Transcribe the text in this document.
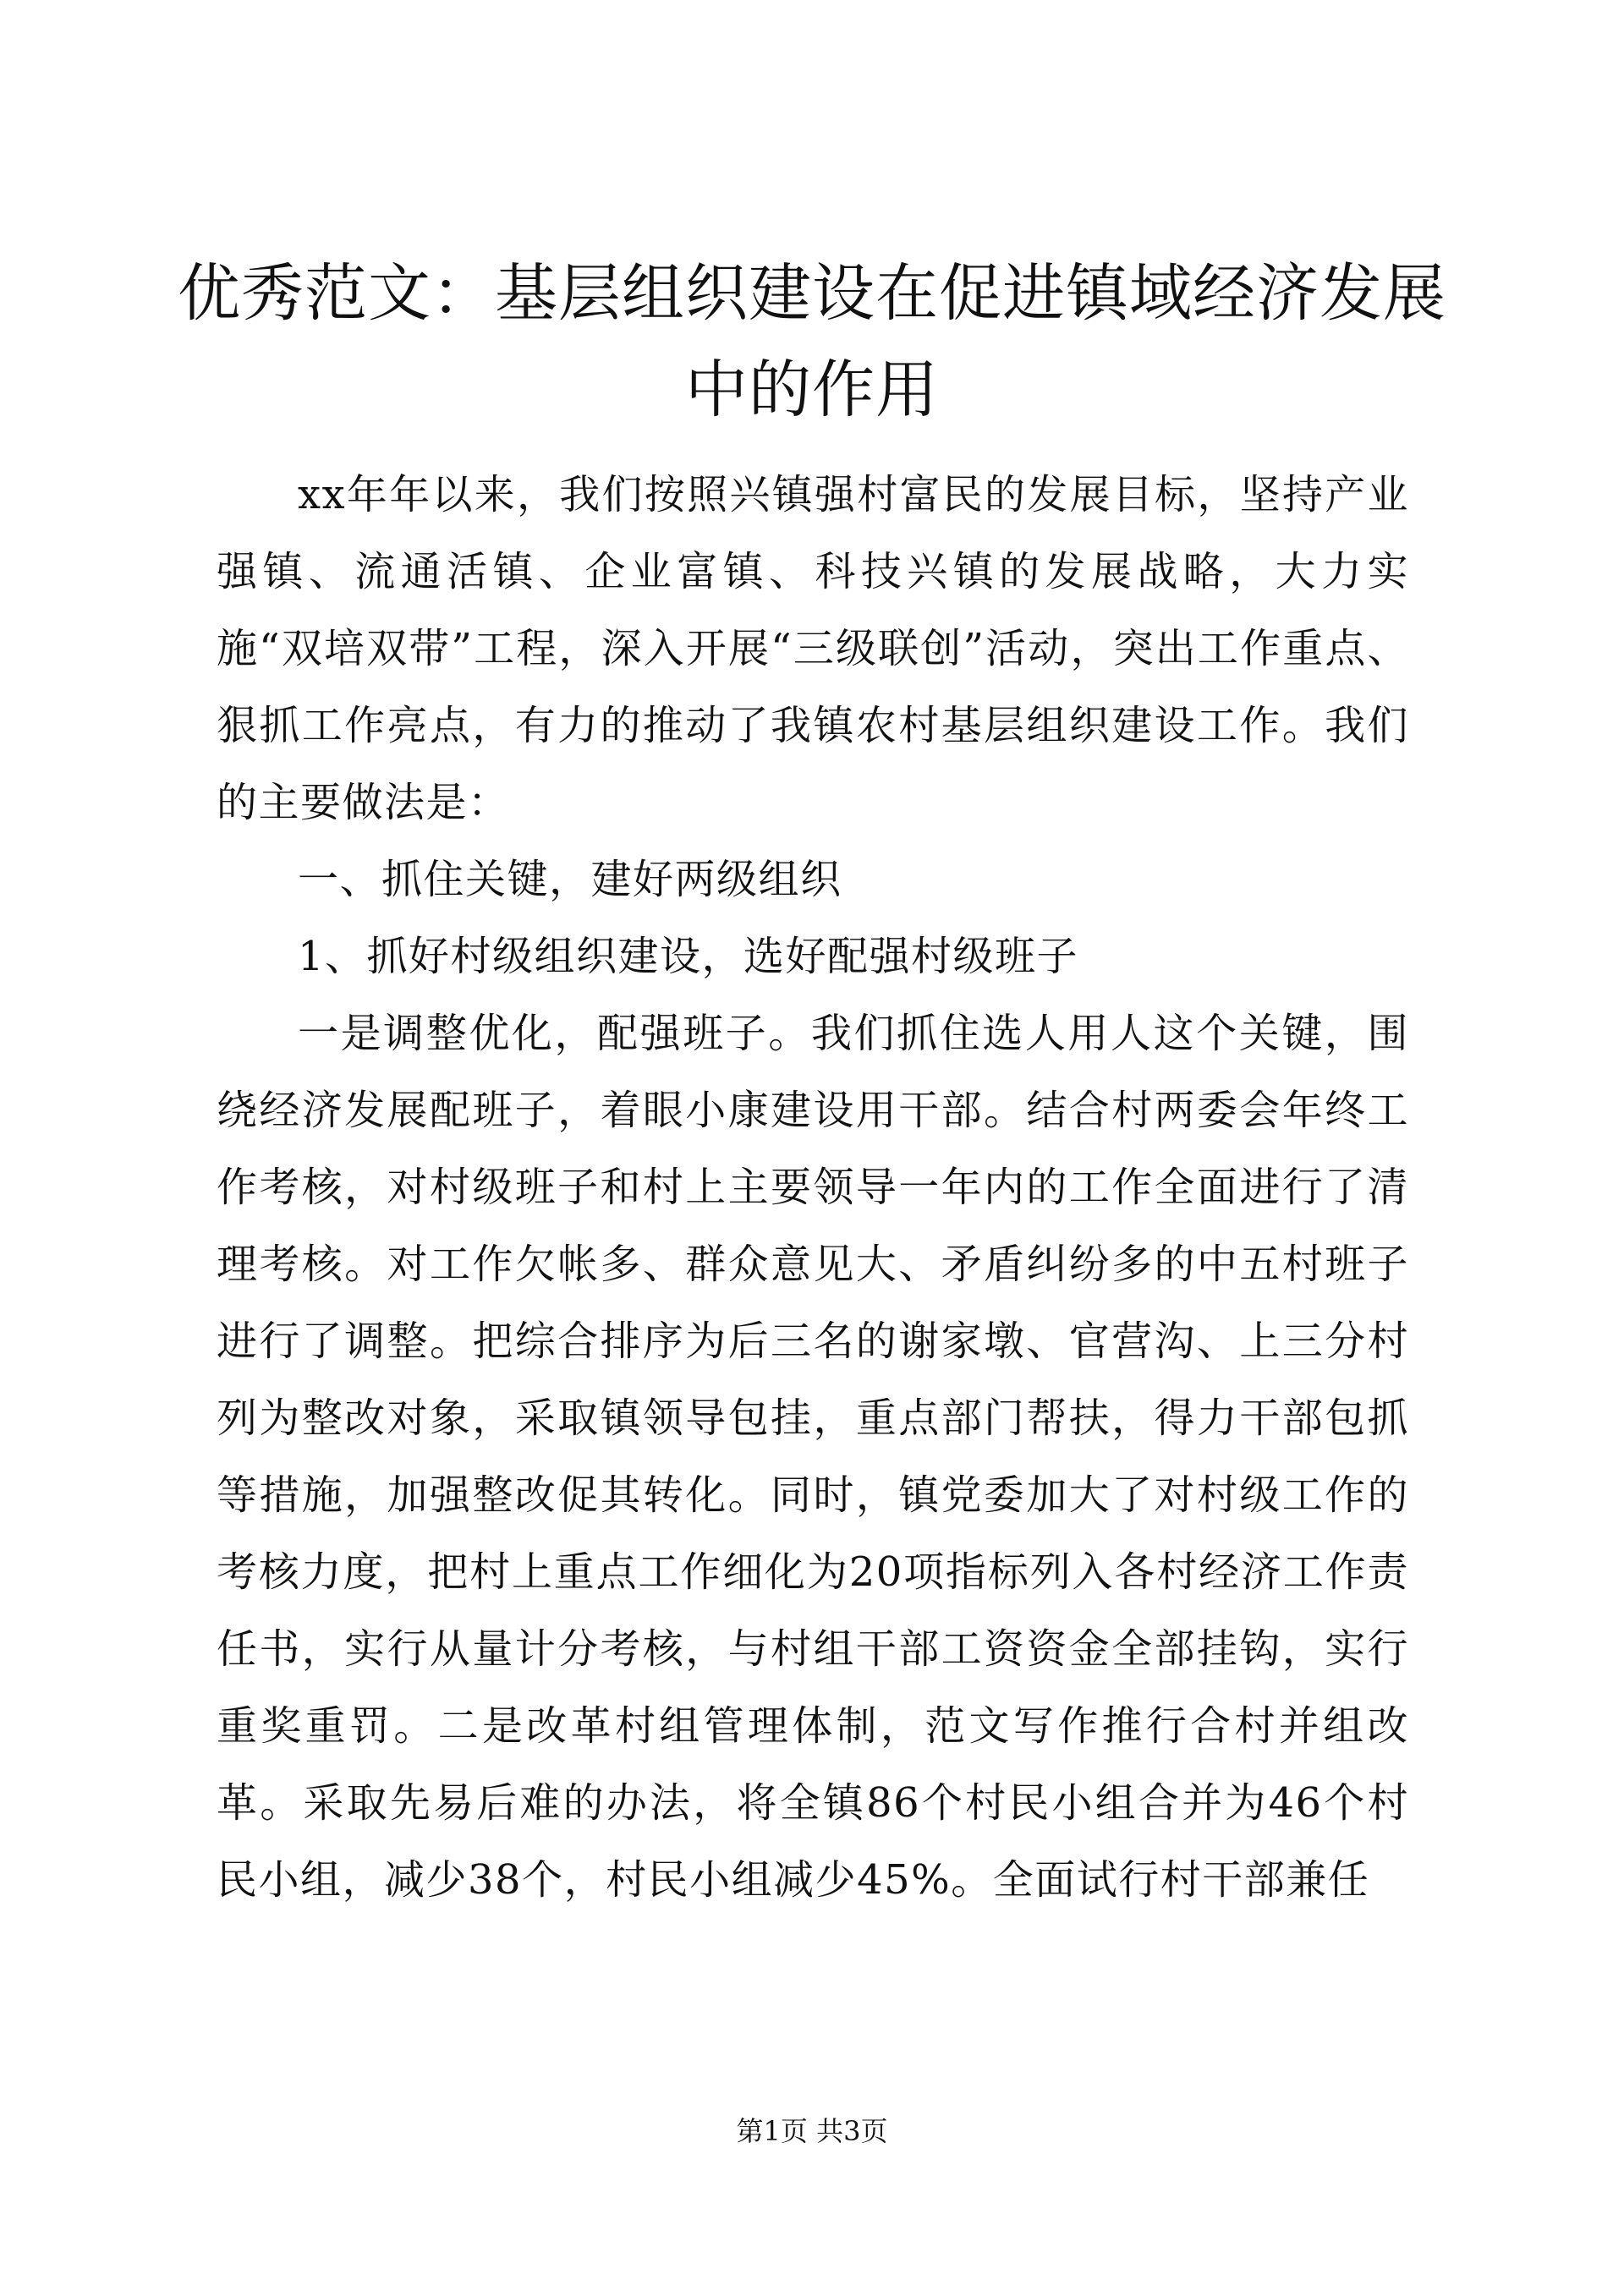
优秀范文：基层组织建设在促进镇域经济发展中的作用

xx年年以来，我们按照兴镇强村富民的发展目标，坚持产业强镇、流通活镇、企业富镇、科技兴镇的发展战略，大力实施“双培双带”工程，深入开展“三级联创”活动，突出工作重点、狠抓工作亮点，有力的推动了我镇农村基层组织建设工作。我们的主要做法是：

一、抓住关键，建好两级组织

1、抓好村级组织建设，选好配强村级班子

一是调整优化，配强班子。我们抓住选人用人这个关键，围绕经济发展配班子，着眼小康建设用干部。结合村两委会年终工作考核，对村级班子和村上主要领导一年内的工作全面进行了清理考核。对工作欠帐多、群众意见大、矛盾纠纷多的中五村班子进行了调整。把综合排序为后三名的谢家墩、官营沟、上三分村列为整改对象，采取镇领导包挂，重点部门帮扶，得力干部包抓等措施，加强整改促其转化。同时，镇党委加大了对村级工作的考核力度，把村上重点工作细化为20项指标列入各村经济工作责任书，实行从量计分考核，与村组干部工资资金全部挂钩，实行重奖重罚。二是改革村组管理体制，范文写作推行合村并组改革。采取先易后难的办法，将全镇86个村民小组合并为46个村民小组，减少38个，村民小组减少45%。全面试行村干部兼任

第1页 共3页
